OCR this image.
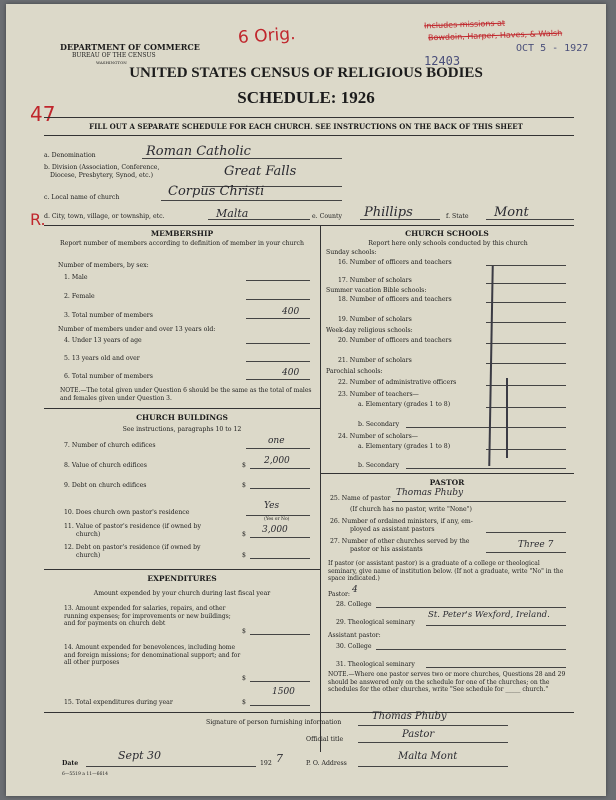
6 Orig.
47
R.
Includes missions at
Bowdoin, Harper, Haves, & Walsh
OCT 5 - 1927
12403
DEPARTMENT OF COMMERCE
BUREAU OF THE CENSUS
WASHINGTON
UNITED STATES CENSUS OF RELIGIOUS BODIES
SCHEDULE: 1926
FILL OUT A SEPARATE SCHEDULE FOR EACH CHURCH. SEE INSTRUCTIONS ON THE BACK OF THIS SHEET
a. Denomination	Roman Catholic
b. Division (Association, Conference,
Diocese, Presbytery, Synod, etc.)	Great Falls
c. Local name of church	Corpus Christi
d. City, town, village, or township, etc.	Malta	e. County Phillips	f. State Mont
MEMBERSHIP
Report number of members according to definition of member in your church
Number of members, by sex:
1. Male
2. Female
3. Total number of members	400
Number of members under and over 13 years old:
4. Under 13 years of age
5. 13 years old and over
6. Total number of members	400
NOTE.—The total given under Question 6 should be the same as the total of males and females given under Question 3.
CHURCH BUILDINGS
See instructions, paragraphs 10 to 12
7. Number of church edifices	one
8. Value of church edifices	$ 2,000
9. Debt on church edifices	$
10. Does church own pastor's residence
Yes
(Yes or No)
11. Value of pastor's residence (if owned by
church)	$ 3,000
12. Debt on pastor's residence (if owned by
church)	$
EXPENDITURES
Amount expended by your church during last fiscal year
13. Amount expended for salaries, repairs, and other running expenses; for improvements or new buildings; and for payments on church debt
$
14. Amount expended for benevolences, including home and foreign missions; for denominational support; and for all other purposes
$
15. Total expenditures during year	$
1500
CHURCH SCHOOLS
Report here only schools conducted by this church
Sunday schools:
16. Number of officers and teachers
17. Number of scholars
Summer vacation Bible schools:
18. Number of officers and teachers
19. Number of scholars
Week-day religious schools:
20. Number of officers and teachers
21. Number of scholars
Parochial schools:
22. Number of administrative officers
23. Number of teachers—
a. Elementary (grades 1 to 8)
b. Secondary
24. Number of scholars—
a. Elementary (grades 1 to 8)
b. Secondary
PASTOR
25. Name of pastor
Thomas Phuby
(If church has no pastor, write "None")
26. Number of ordained ministers, if any, em-
ployed as assistant pastors
27. Number of other churches served by the
pastor or his assistants	Three 7
If pastor (or assistant pastor) is a graduate of a college or theological seminary, give name of institution below. (If not a graduate, write "No" in the space indicated.)
Pastor: 4
28. College
29. Theological seminary
St. Peter's Wexford, Ireland.
Assistant pastor:
30. College
31. Theological seminary
NOTE.—Where one pastor serves two or more churches, Questions 28 and 29 should be answered only on the schedule for one of the churches; on the schedules for the other churches, write "See schedule for _____ church."
Signature of person furnishing information
Thomas Phuby
Official title	Pastor
Date
Sept 30
192 7	P. O. Address
Malta Mont
6—5519 a 11—6614
